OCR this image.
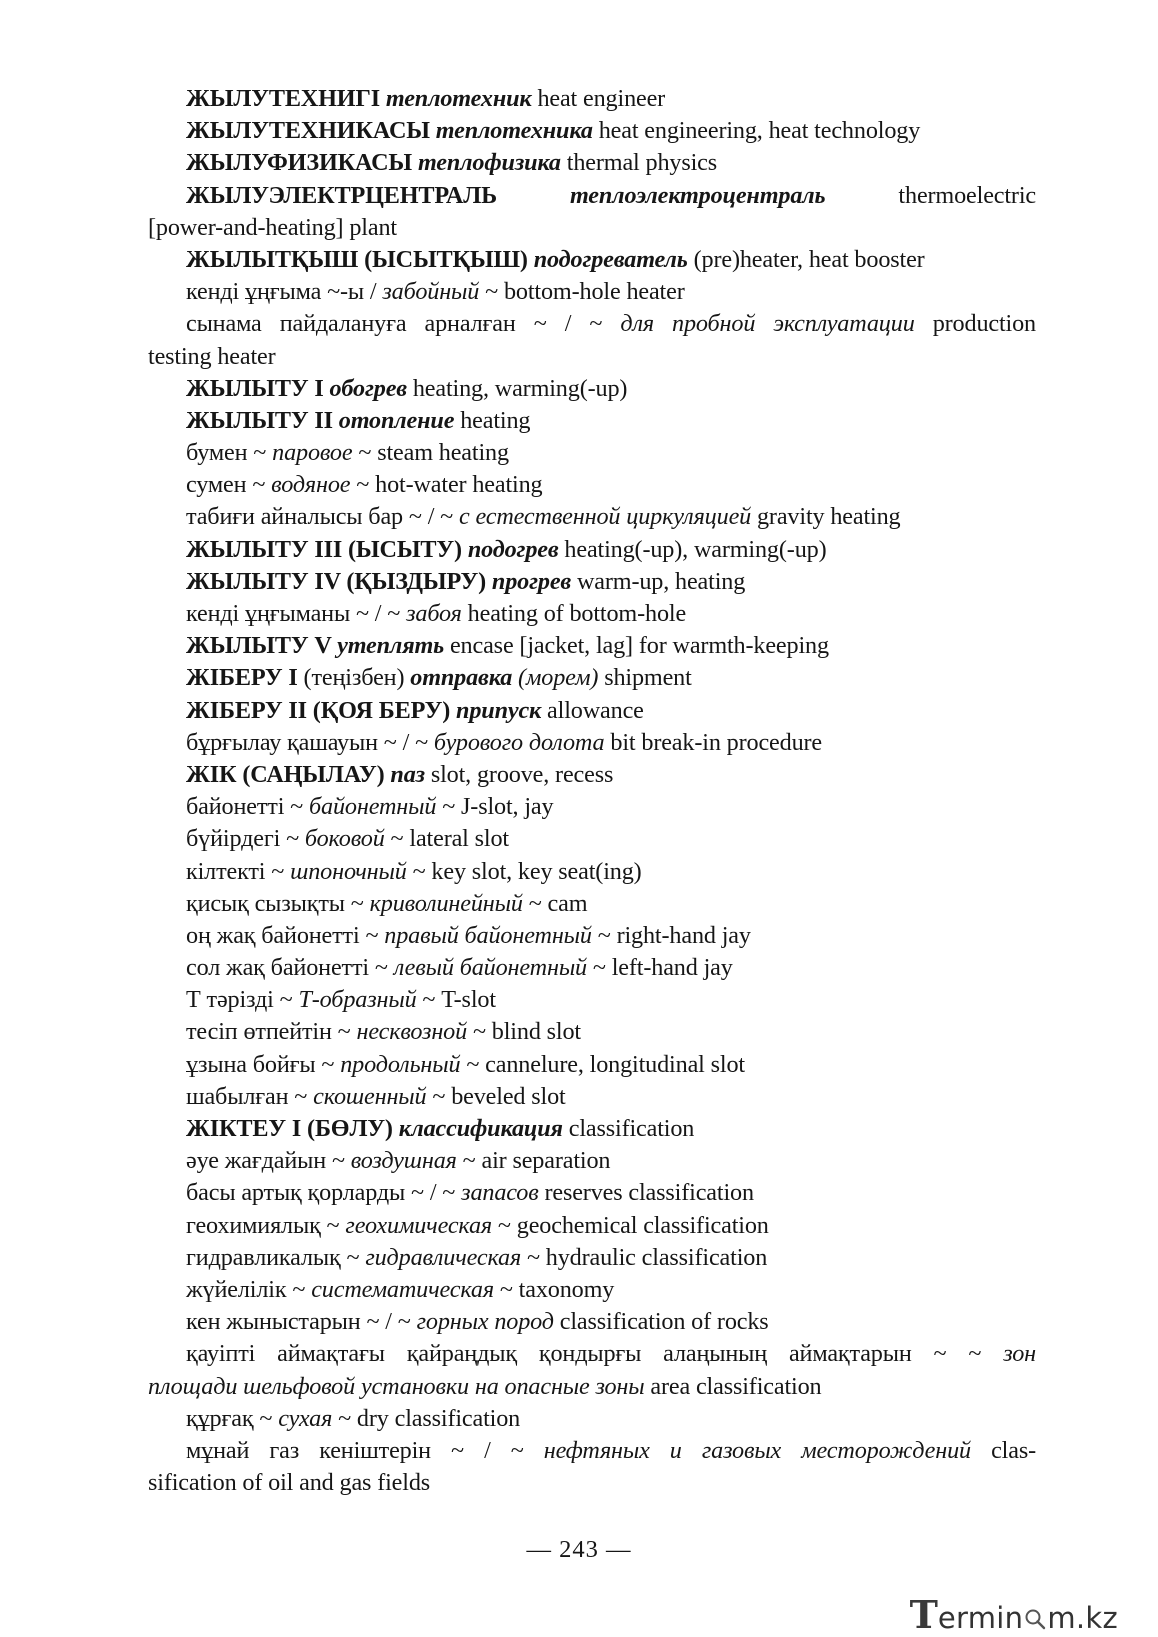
ЖЫЛУТЕХНИГІ теплотехник heat engineer
ЖЫЛУТЕХНИКАСЫ теплотехника heat engineering, heat technology
ЖЫЛУФИЗИКАСЫ теплофизика thermal physics
ЖЫЛУЭЛЕКТРЦЕНТРАЛЬ теплоэлектроцентраль thermoelectric
[power-and-heating] plant
ЖЫЛЫТҚЫШ (ЫСЫТҚЫШ) подогреватель (pre)heater, heat booster
кенді ұңғыма ~-ы / забойный ~ bottom-hole heater
сынама пайдалануға арналған ~ / ~ для пробной эксплуатации production
testing heater
ЖЫЛЫТУ I обогрев heating, warming(-up)
ЖЫЛЫТУ II отопление heating
бумен ~ паровое ~ steam heating
сумен ~ водяное ~ hot-water heating
табиғи айналысы бар ~ / ~ с естественной циркуляцией gravity heating
ЖЫЛЫТУ III (ЫСЫТУ) подогрев heating(-up), warming(-up)
ЖЫЛЫТУ IV (ҚЫЗДЫРУ) прогрев warm-up, heating
кенді ұңғыманы ~ / ~ забоя heating of bottom-hole
ЖЫЛЫТУ V утеплять encase [jacket, lag] for warmth-keeping
ЖІБЕРУ I (теңізбен) отправка (морем) shipment
ЖІБЕРУ II (ҚОЯ БЕРУ) припуск allowance
бұрғылау қашауын ~ / ~ бурового долота bit break-in procedure
ЖІК (САҢЫЛАУ) паз slot, groove, recess
байонетті ~ байонетный ~ J-slot, jay
бүйірдегі ~ боковой ~ lateral slot
кілтекті ~ шпоночный ~ key slot, key seat(ing)
қисық сызықты ~ криволинейный ~ cam
оң жақ байонетті ~ правый байонетный ~ right-hand jay
сол жақ байонетті ~ левый байонетный ~ left-hand jay
Т тәрізді ~ Т-образный ~ T-slot
тесіп өтпейтін ~ несквозной ~ blind slot
ұзына бойғы ~ продольный ~ cannelure, longitudinal slot
шабылған ~ скошенный ~ beveled slot
ЖІКТЕУ I (БӨЛУ) классификация classification
әуе жағдайын ~ воздушная ~ air separation
басы артық қорларды ~ / ~ запасов reserves classification
геохимиялық ~ геохимическая ~ geochemical classification
гидравликалық ~ гидравлическая ~ hydraulic classification
жүйелілік ~ систематическая ~ taxonomy
кен жыныстарын ~ / ~ горных пород classification of rocks
қауіпті аймақтағы қайраңдық қондырғы алаңының аймақтарын ~ ~ зон
площади шельфовой установки на опасные зоны area classification
құрғақ ~ сухая ~ dry classification
мұнай газ кеніштерін ~ / ~ нефтяных и газовых месторождений clas-
sification of oil and gas fields
— 243 —
T ermin m.kz
